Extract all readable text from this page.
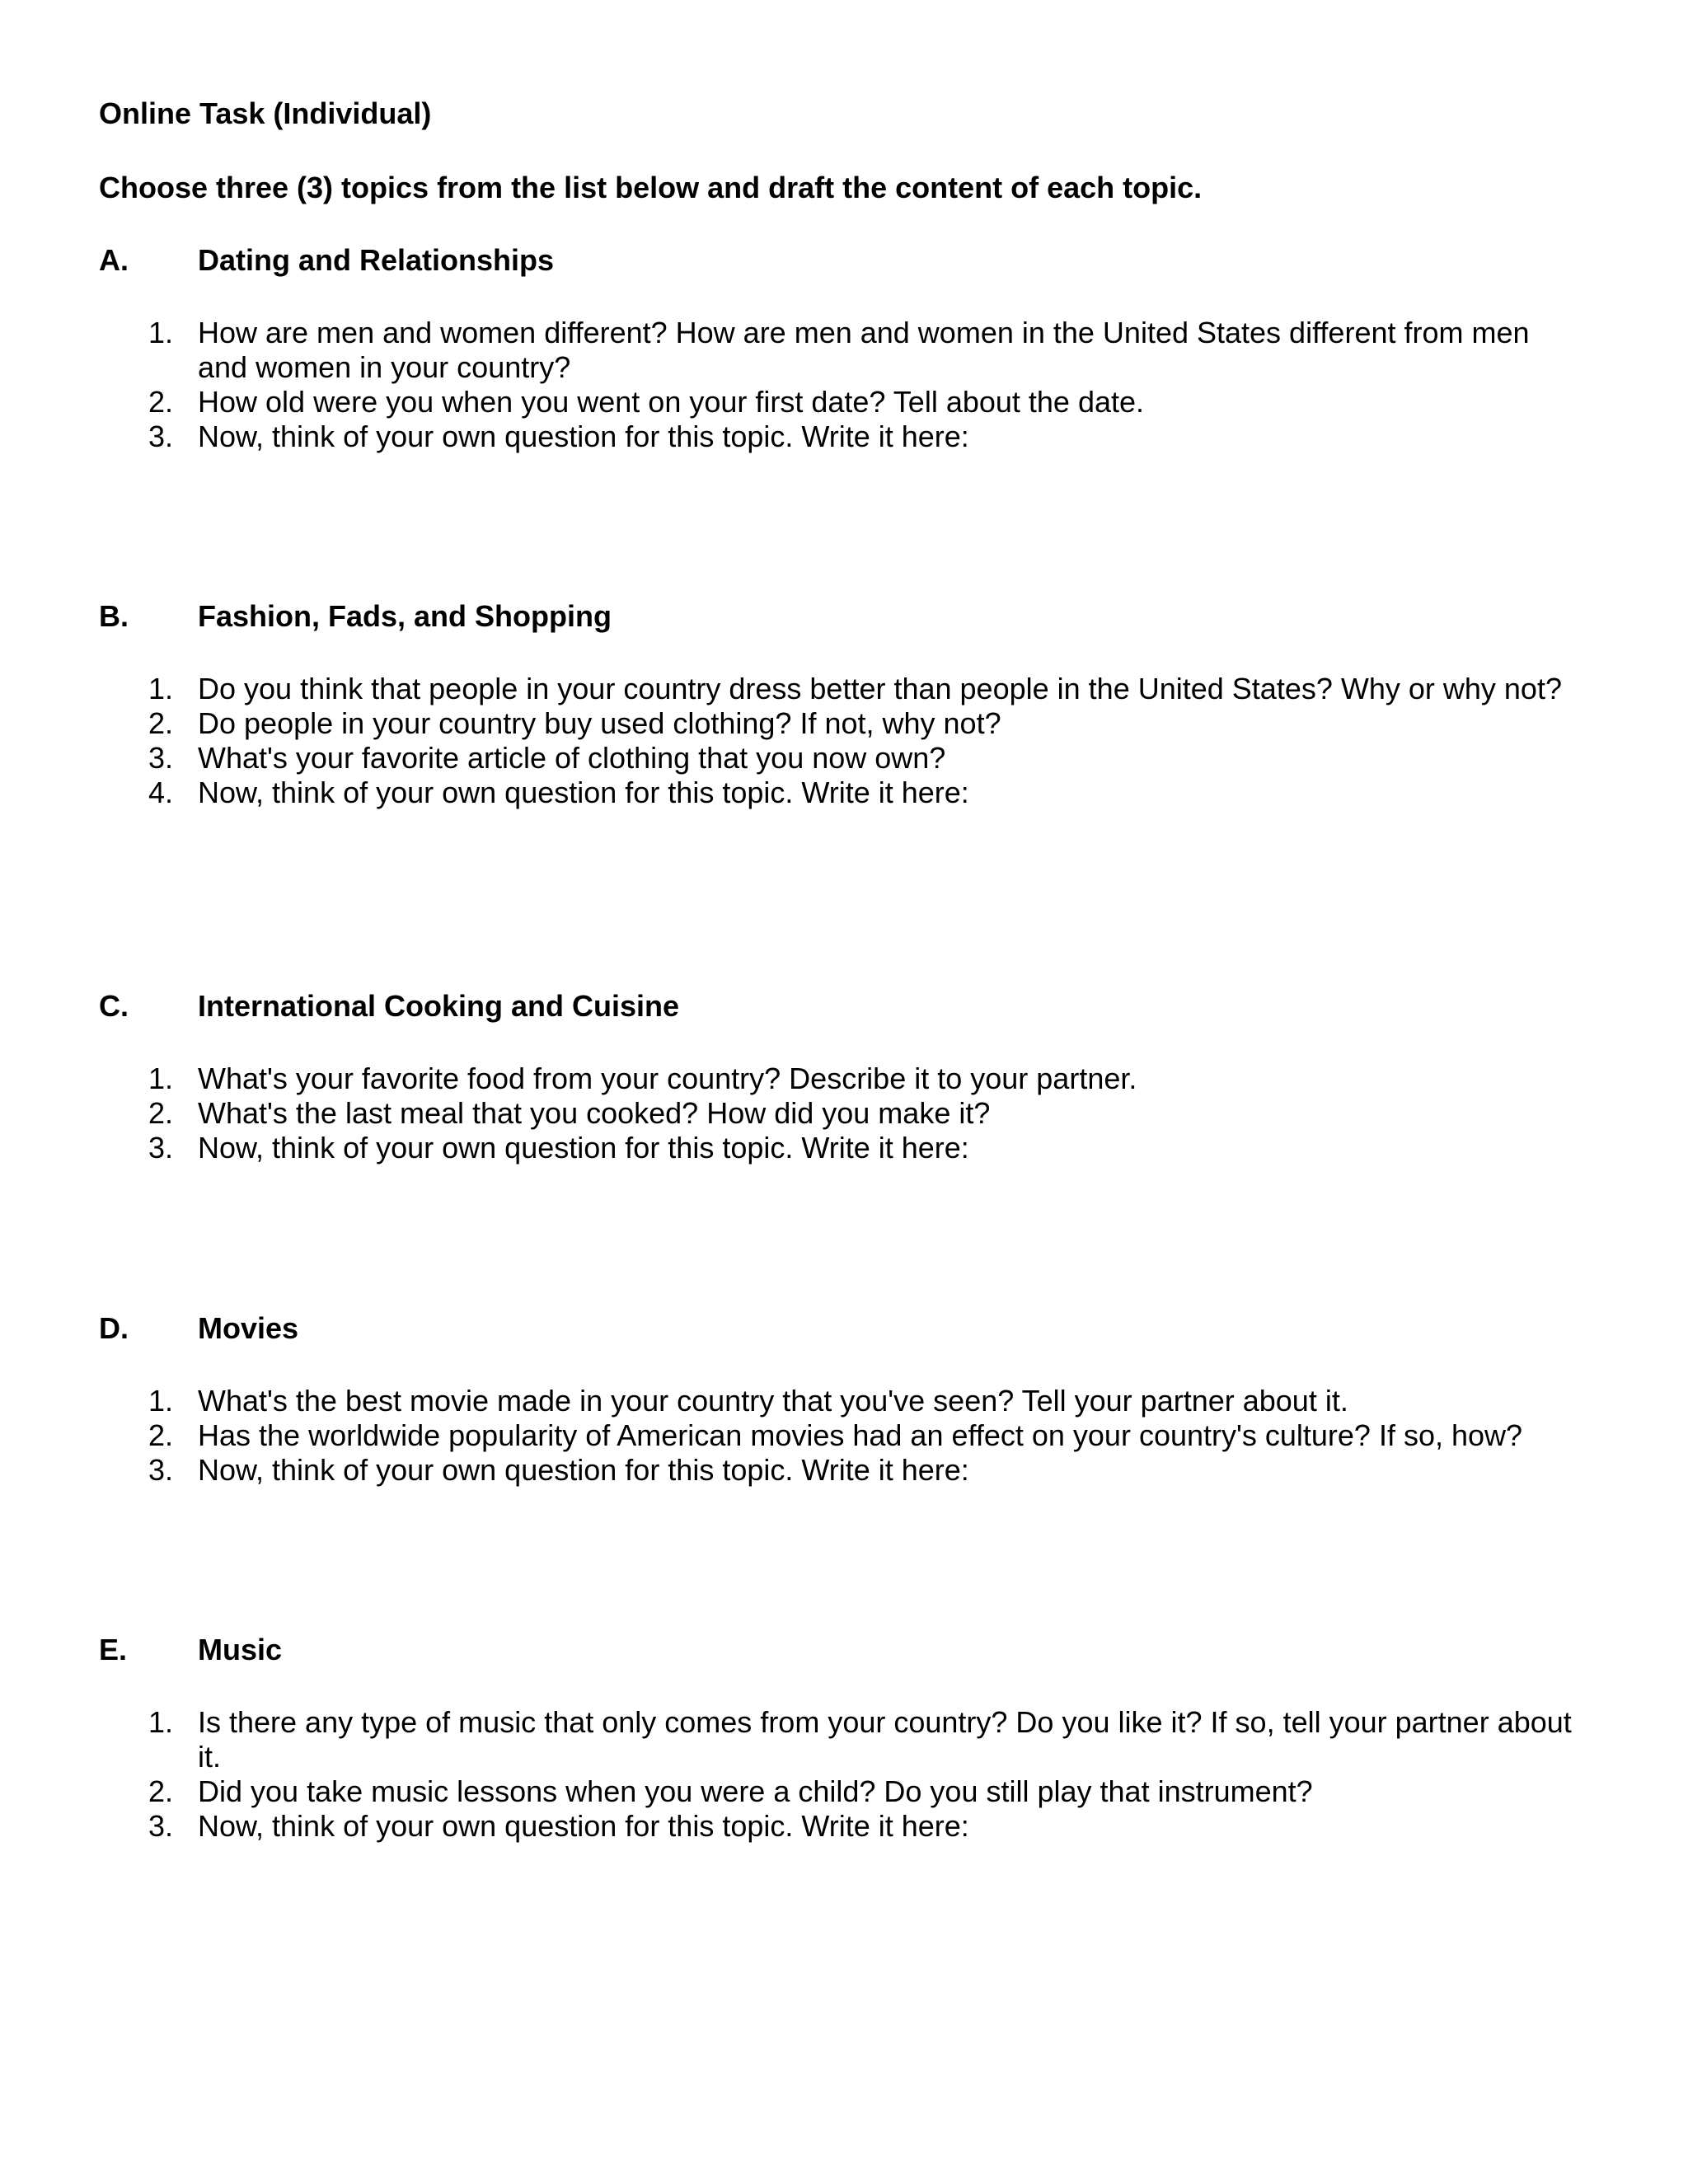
Online Task (Individual)
Choose three (3) topics from the list below and draft the content of each topic.
A. Dating and Relationships
1. How are men and women different? How are men and women in the United States different from men and women in your country?
2. How old were you when you went on your first date? Tell about the date.
3. Now, think of your own question for this topic. Write it here:
B. Fashion, Fads, and Shopping
1. Do you think that people in your country dress better than people in the United States? Why or why not?
2. Do people in your country buy used clothing? If not, why not?
3. What's your favorite article of clothing that you now own?
4. Now, think of your own question for this topic. Write it here:
C. International Cooking and Cuisine
1. What's your favorite food from your country? Describe it to your partner.
2. What's the last meal that you cooked? How did you make it?
3. Now, think of your own question for this topic. Write it here:
D. Movies
1. What's the best movie made in your country that you've seen? Tell your partner about it.
2. Has the worldwide popularity of American movies had an effect on your country's culture? If so, how?
3. Now, think of your own question for this topic. Write it here:
E. Music
1. Is there any type of music that only comes from your country? Do you like it? If so, tell your partner about it.
2. Did you take music lessons when you were a child? Do you still play that instrument?
3. Now, think of your own question for this topic. Write it here:
